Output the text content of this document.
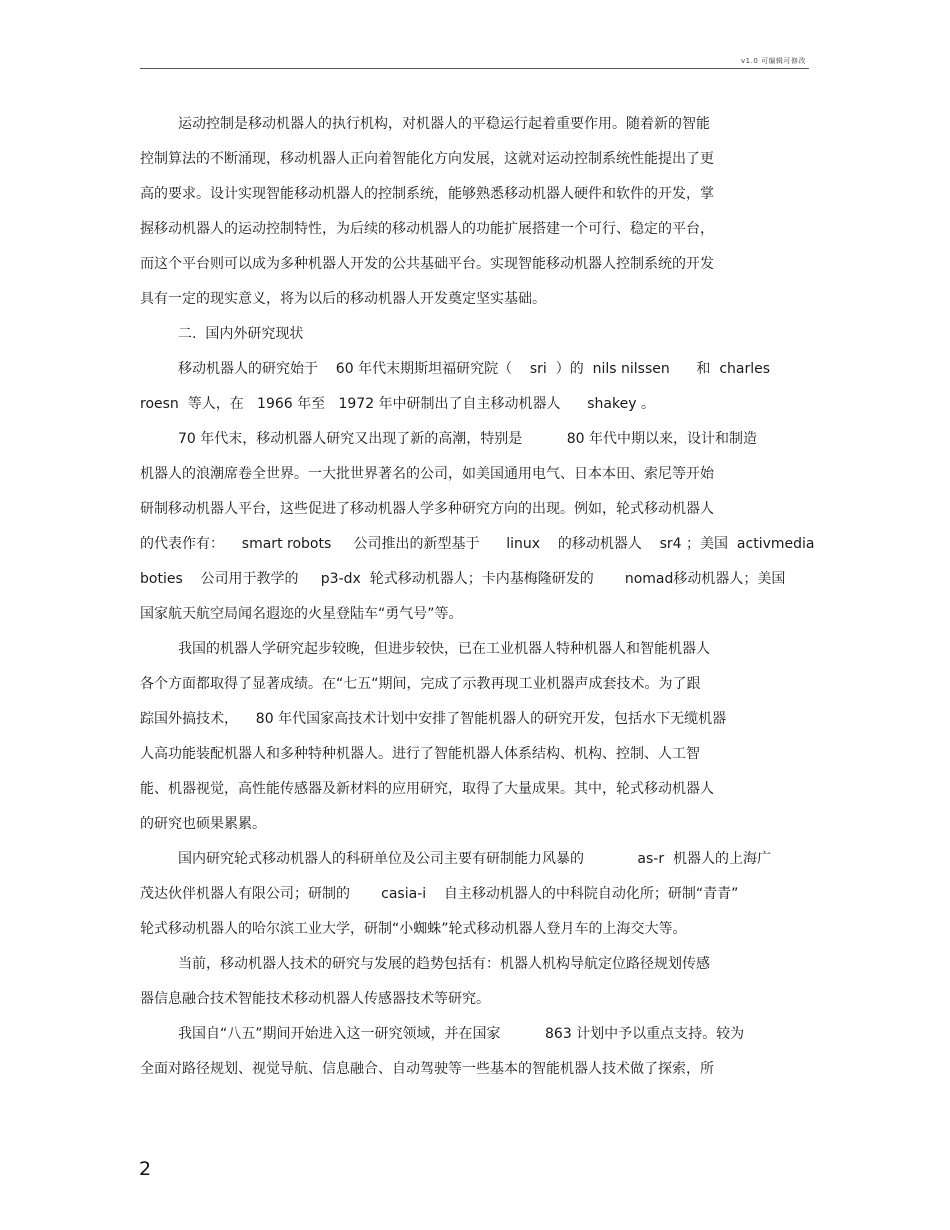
v1.0 可编辑可修改
运动控制是移动机器人的执行机构，对机器人的平稳运行起着重要作用。随着新的智能
控制算法的不断涌现，移动机器人正向着智能化方向发展，这就对运动控制系统性能提出了更
高的要求。设计实现智能移动机器人的控制系统，能够熟悉移动机器人硬件和软件的开发，掌
握移动机器人的运动控制特性，为后续的移动机器人的功能扩展搭建一个可行、稳定的平台，
而这个平台则可以成为多种机器人开发的公共基础平台。实现智能移动机器人控制系统的开发
具有一定的现实意义，将为以后的移动机器人开发奠定坚实基础。
二.  国内外研究现状
移动机器人的研究始于    60 年代末期斯坦福研究院（    sri  ）的  nils nilssen      和  charles
roesn  等人，在   1966 年至   1972 年中研制出了自主移动机器人      shakey 。
70 年代末，移动机器人研究又出现了新的高潮，特别是          80 年代中期以来，设计和制造
机器人的浪潮席卷全世界。一大批世界著名的公司，如美国通用电气、日本本田、索尼等开始
研制移动机器人平台，这些促进了移动机器人学多种研究方向的出现。例如，轮式移动机器人
的代表作有：    smart robots     公司推出的新型基于      linux    的移动机器人    sr4 ；美国  activmedia
boties    公司用于教学的     p3-dx  轮式移动机器人；卡内基梅隆研发的       nomad移动机器人；美国
国家航天航空局闻名遐迩的火星登陆车“勇气号”等。
我国的机器人学研究起步较晚，但进步较快，已在工业机器人特种机器人和智能机器人
各个方面都取得了显著成绩。在“七五“期间，完成了示教再现工业机器声成套技术。为了跟
踪国外搞技术，    80 年代国家高技术计划中安排了智能机器人的研究开发，包括水下无缆机器
人高功能装配机器人和多种特种机器人。进行了智能机器人体系结构、机构、控制、人工智
能、机器视觉，高性能传感器及新材料的应用研究，取得了大量成果。其中，轮式移动机器人
的研究也硕果累累。
国内研究轮式移动机器人的科研单位及公司主要有研制能力风暴的            as-r  机器人的上海广
茂达伙伴机器人有限公司；研制的       casia-i    自主移动机器人的中科院自动化所；研制“青青”
轮式移动机器人的哈尔滨工业大学，研制“小蜘蛛”轮式移动机器人登月车的上海交大等。
当前，移动机器人技术的研究与发展的趋势包括有：机器人机构导航定位路径规划传感
器信息融合技术智能技术移动机器人传感器技术等研究。
我国自“八五”期间开始进入这一研究领域，并在国家          863 计划中予以重点支持。较为
全面对路径规划、视觉导航、信息融合、自动驾驶等一些基本的智能机器人技术做了探索，所
2
